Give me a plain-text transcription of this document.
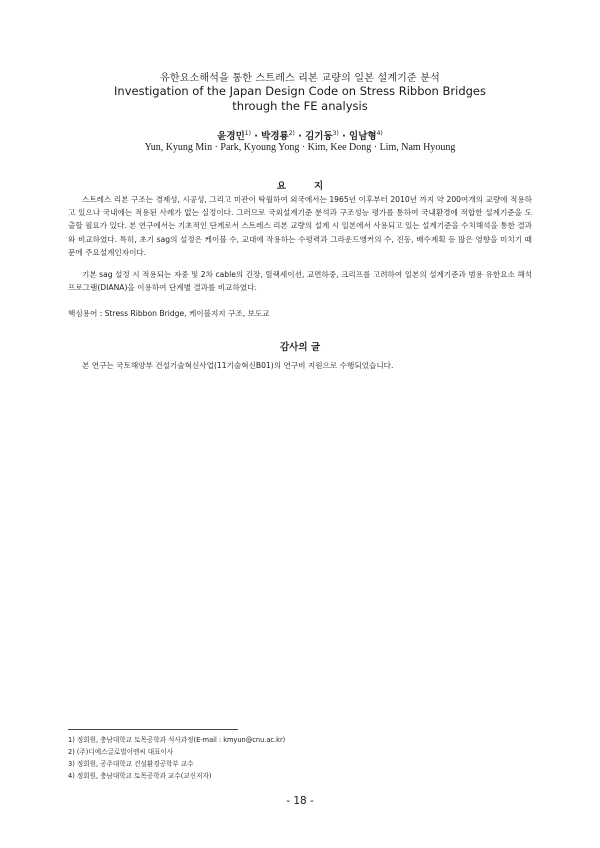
유한요소해석을 통한 스트레스 리본 교량의 일본 설계기준 분석
Investigation of the Japan Design Code on Stress Ribbon Bridges
through the FE analysis
윤경민$^{1)}$ · 박경룡$^{2)}$ · 김기동$^{3)}$ · 임남형$^{4)}$
Yun, Kyung Min · Park, Kyoung Yong · Kim, Kee Dong · Lim, Nam Hyoung
요지
스트레스 리본 구조는 경제성, 시공성, 그리고 미관이 탁월하여 외국에서는 1965년 이후부터 2010년 까지 약 200여개의 교량에 적용하고 있으나 국내에는 적용된 사례가 없는 실정이다. 그러므로 국외설계기준 분석과 구조성능 평가를 통하여 국내환경에 적합한 설계기준을 도출할 필요가 있다. 본 연구에서는 기초적인 단계로서 스트레스 리본 교량의 설계 시 일본에서 사용되고 있는 설계기준을 수치해석을 통한 결과와 비교하였다. 특히, 초기 sag의 설정은 케이블 수, 교대에 작용하는 수평력과 그라운드앵커의 수, 진동, 배수계획 등 많은 영향을 미치기 때문에 주요설계인자이다.
기본 sag 설정 시 적용되는 자중 및 2차 cable의 긴장, 릴랙세이션, 교면하중, 크리프를 고려하여 일본의 설계기준과 범용 유한요소 해석 프로그램(DIANA)을 이용하여 단계별 결과를 비교하였다.
핵심용어 : Stress Ribbon Bridge, 케이블지지 구조, 보도교
감사의 글
본 연구는 국토해양부 건설기술혁신사업(11기술혁신B01)의 연구비 지원으로 수행되었습니다.
1) 정회원, 충남대학교 토목공학과 석사과정(E-mail : kmyun@cnu.ac.kr)
2) (주)디에스글로벌이엔씨 대표이사
3) 정회원, 공주대학교 건설환경공학부 교수
4) 정회원, 충남대학교 토목공학과 교수(교신저자)
- 18 -
